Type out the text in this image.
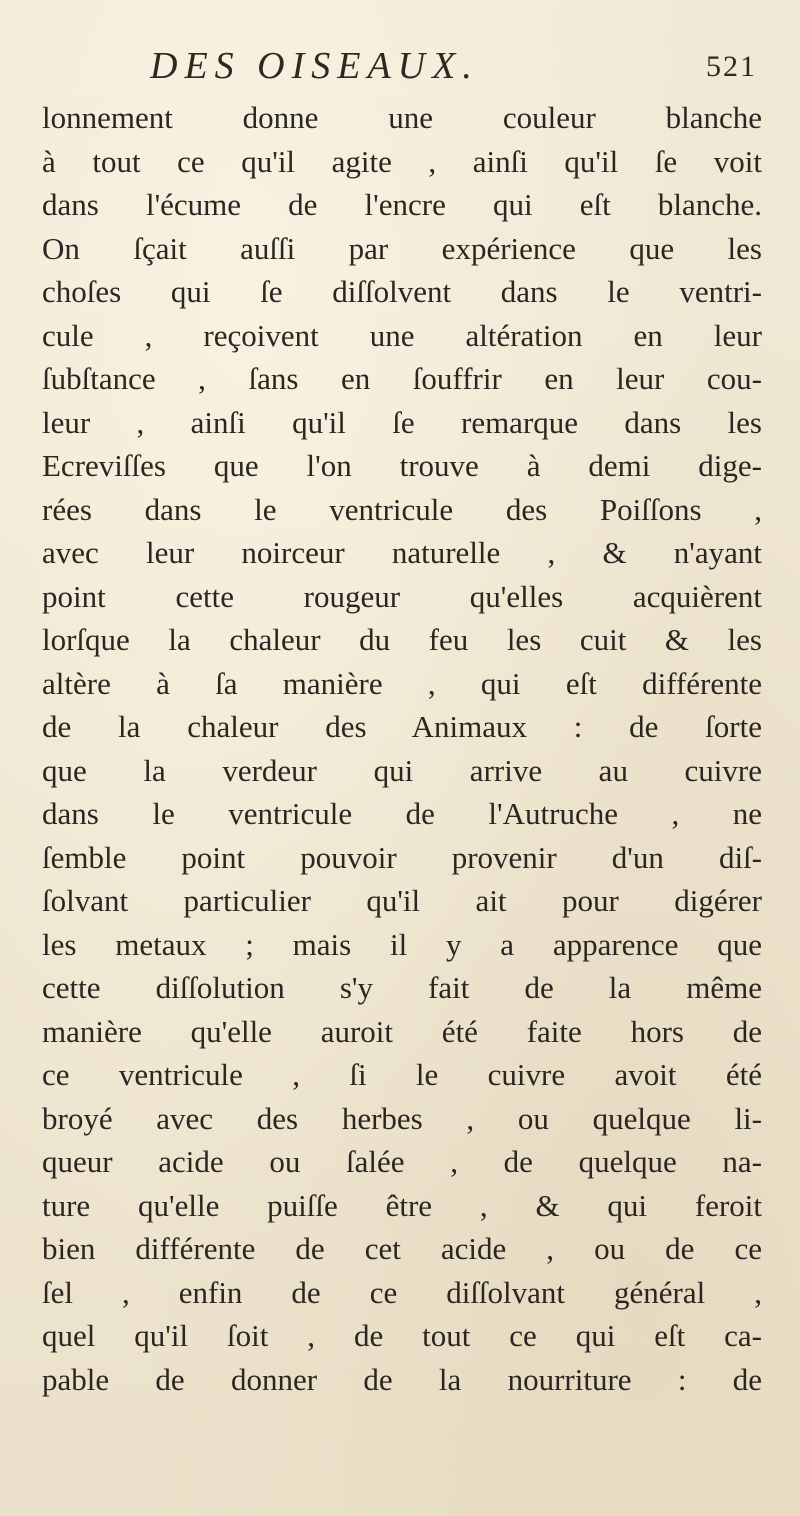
DES OISEAUX.	521
lonnement donne une couleur blanche
à tout ce qu'il agite , ainſi qu'il ſe voit
dans l'écume de l'encre qui eſt blanche.
On ſçait auſſi par expérience que les
choſes qui ſe diſſolvent dans le ventri-
cule , reçoivent une altération en leur
ſubſtance , ſans en ſouffrir en leur cou-
leur , ainſi qu'il ſe remarque dans les
Ecreviſſes que l'on trouve à demi dige-
rées dans le ventricule des Poiſſons ,
avec leur noirceur naturelle , & n'ayant
point cette rougeur qu'elles acquièrent
lorſque la chaleur du feu les cuit & les
altère à ſa manière , qui eſt différente
de la chaleur des Animaux : de ſorte
que la verdeur qui arrive au cuivre
dans le ventricule de l'Autruche , ne
ſemble point pouvoir provenir d'un diſ-
ſolvant particulier qu'il ait pour digérer
les metaux ; mais il y a apparence que
cette diſſolution s'y fait de la même
manière qu'elle auroit été faite hors de
ce ventricule , ſi le cuivre avoit été
broyé avec des herbes , ou quelque li-
queur acide ou ſalée , de quelque na-
ture qu'elle puiſſe être , & qui feroit
bien différente de cet acide , ou de ce
ſel , enfin de ce diſſolvant général ,
quel qu'il ſoit , de tout ce qui eſt ca-
pable de donner de la nourriture : de
